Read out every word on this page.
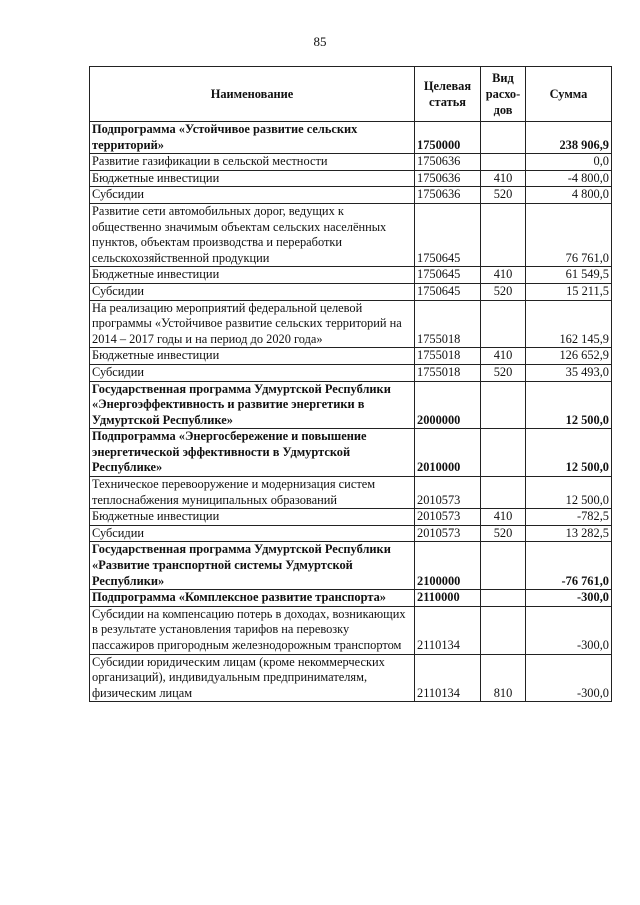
85
Наименование	Целевая статья	Вид расхо-дов	Сумма
Подпрограмма «Устойчивое развитие сельских территорий»	1750000		238 906,9
Развитие газификации в сельской местности	1750636		0,0
Бюджетные инвестиции	1750636	410	-4 800,0
Субсидии	1750636	520	4 800,0
Развитие сети автомобильных дорог, ведущих к общественно значимым объектам сельских населённых пунктов, объектам производства и переработки сельскохозяйственной продукции	1750645		76 761,0
Бюджетные инвестиции	1750645	410	61 549,5
Субсидии	1750645	520	15 211,5
На реализацию мероприятий федеральной целевой программы «Устойчивое развитие сельских территорий на 2014 – 2017 годы и на период до 2020 года»	1755018		162 145,9
Бюджетные инвестиции	1755018	410	126 652,9
Субсидии	1755018	520	35 493,0
Государственная программа Удмуртской Республики «Энергоэффективность и развитие энергетики в Удмуртской Республике»	2000000		12 500,0
Подпрограмма «Энергосбережение и повышение энергетической эффективности в Удмуртской Республике»	2010000		12 500,0
Техническое перевооружение и модернизация систем теплоснабжения муниципальных образований	2010573		12 500,0
Бюджетные инвестиции	2010573	410	-782,5
Субсидии	2010573	520	13 282,5
Государственная программа Удмуртской Республики «Развитие транспортной системы Удмуртской Республики»	2100000		-76 761,0
Подпрограмма «Комплексное развитие транспорта»	2110000		-300,0
Субсидии на компенсацию потерь в доходах, возникающих в результате установления тарифов на перевозку пассажиров пригородным железнодорожным транспортом	2110134		-300,0
Субсидии юридическим лицам (кроме некоммерческих организаций), индивидуальным предпринимателям, физическим лицам	2110134	810	-300,0
